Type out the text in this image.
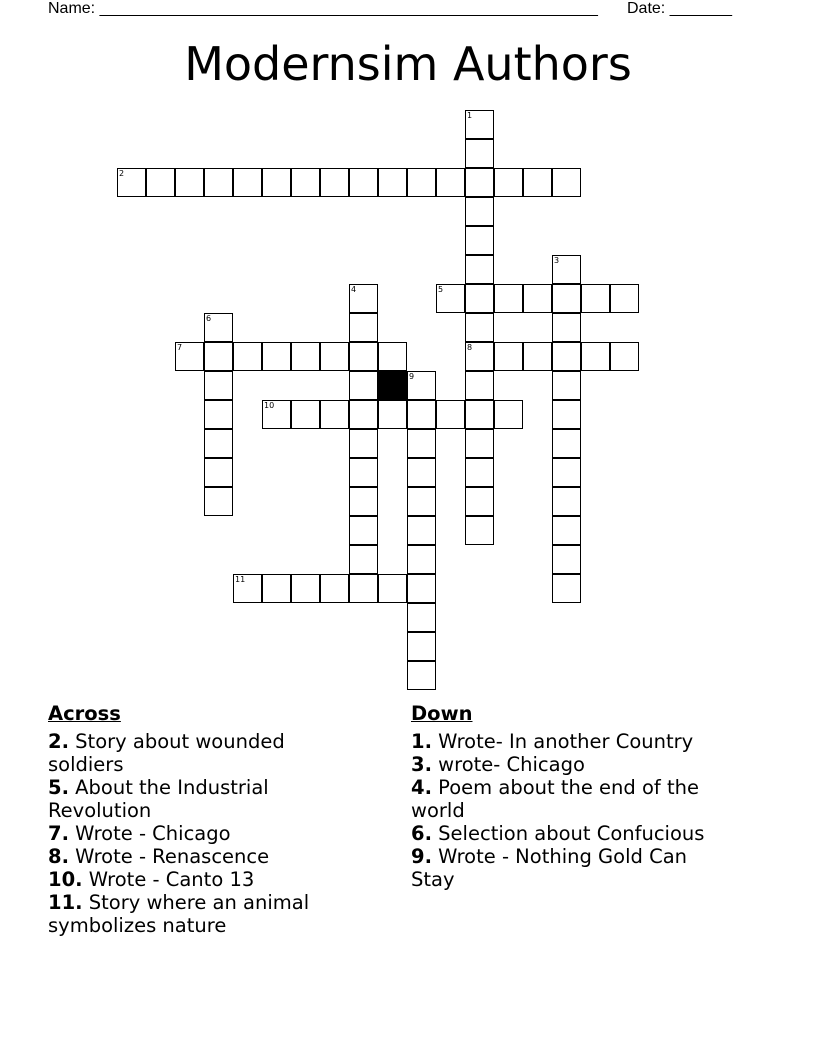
Name: ________________________________________________________ Date: _______
Modernsim Authors
1
2
3
4	5
6
7	8
9
10
11
Across
2. Story about wounded soldiers
5. About the Industrial Revolution
7. Wrote - Chicago
8. Wrote - Renascence
10. Wrote - Canto 13
11. Story where an animal symbolizes nature
Down
1. Wrote- In another Country
3. wrote- Chicago
4. Poem about the end of the world
6. Selection about Confucious
9. Wrote - Nothing Gold Can Stay
